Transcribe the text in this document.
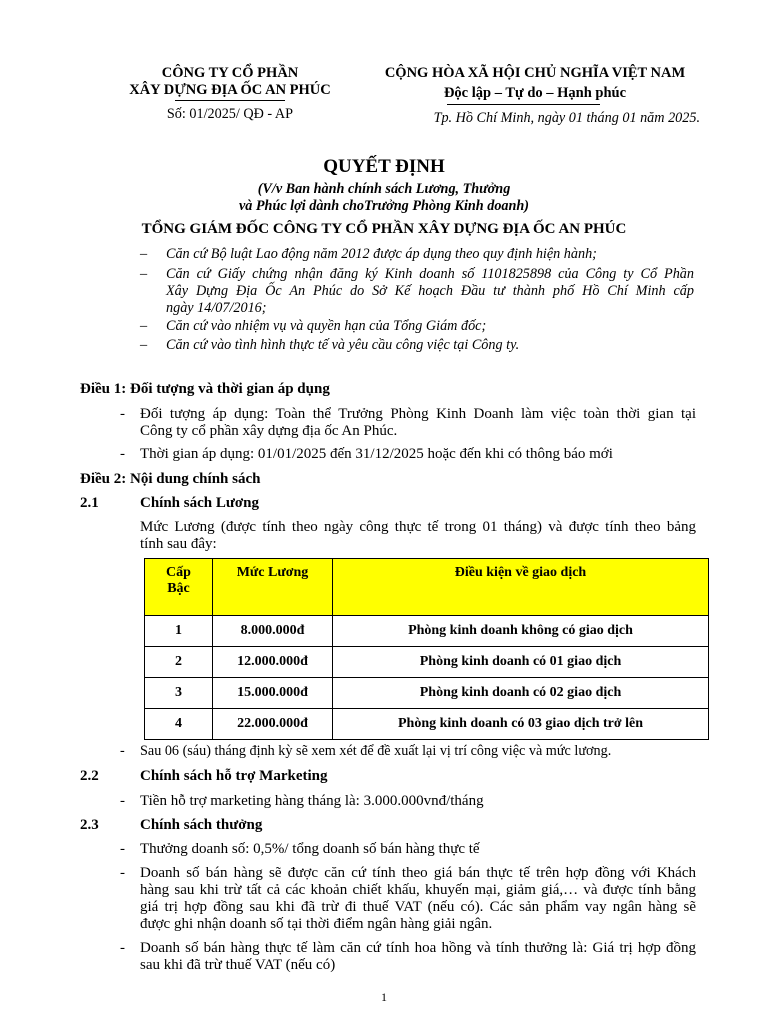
CÔNG TY CỔ PHẦN
XÂY DỰNG ĐỊA ỐC AN PHÚC
Số: 01/2025/ QĐ - AP
CỘNG HÒA XÃ HỘI CHỦ NGHĨA VIỆT NAM
Độc lập – Tự do – Hạnh phúc
Tp. Hồ Chí Minh, ngày 01 tháng 01 năm 2025.
QUYẾT ĐỊNH
(V/v Ban hành chính sách Lương, Thưởng
và Phúc lợi dành choTrưởng Phòng Kinh doanh)
TỔNG GIÁM ĐỐC CÔNG TY CỔ PHẦN XÂY DỰNG ĐỊA ỐC AN PHÚC
– Căn cứ Bộ luật Lao động năm 2012 được áp dụng theo quy định hiện hành;
– Căn cứ Giấy chứng nhận đăng ký Kinh doanh số 1101825898 của Công ty Cổ Phần
Xây Dựng Địa Ốc An Phúc do Sở Kế hoạch Đầu tư thành phố Hồ Chí Minh cấp
ngày 14/07/2016;
– Căn cứ vào nhiệm vụ và quyền hạn của Tổng Giám đốc;
– Căn cứ vào tình hình thực tế và yêu cầu công việc tại Công ty.
Điều 1: Đối tượng và thời gian áp dụng
- Đối tượng áp dụng: Toàn thể Trưởng Phòng Kinh Doanh làm việc toàn thời gian tại
Công ty cổ phần xây dựng địa ốc An Phúc.
- Thời gian áp dụng: 01/01/2025 đến 31/12/2025 hoặc đến khi có thông báo mới
Điều 2: Nội dung chính sách
2.1	Chính sách Lương
Mức Lương (được tính theo ngày công thực tế trong 01 tháng) và được tính theo bảng
tính sau đây:
Cấp
Bậc	Mức Lương	Điều kiện về giao dịch
1	8.000.000đ	Phòng kinh doanh không có giao dịch
2	12.000.000đ	Phòng kinh doanh có 01 giao dịch
3	15.000.000đ	Phòng kinh doanh có 02 giao dịch
4	22.000.000đ	Phòng kinh doanh có 03 giao dịch trở lên
- Sau 06 (sáu) tháng định kỳ sẽ xem xét để đề xuất lại vị trí công việc và mức lương.
2.2	Chính sách hỗ trợ Marketing
- Tiền hỗ trợ marketing hàng tháng là: 3.000.000vnđ/tháng
2.3	Chính sách thưởng
- Thưởng doanh số: 0,5%/ tổng doanh số bán hàng thực tế
- Doanh số bán hàng sẽ được căn cứ tính theo giá bán thực tế trên hợp đồng với Khách
hàng sau khi trừ tất cả các khoản chiết khấu, khuyến mại, giảm giá,… và được tính bằng
giá trị hợp đồng sau khi đã trừ đi thuế VAT (nếu có). Các sản phẩm vay ngân hàng sẽ
được ghi nhận doanh số tại thời điểm ngân hàng giải ngân.
- Doanh số bán hàng thực tế làm căn cứ tính hoa hồng và tính thưởng là: Giá trị hợp đồng
sau khi đã trừ thuế VAT (nếu có)
1
